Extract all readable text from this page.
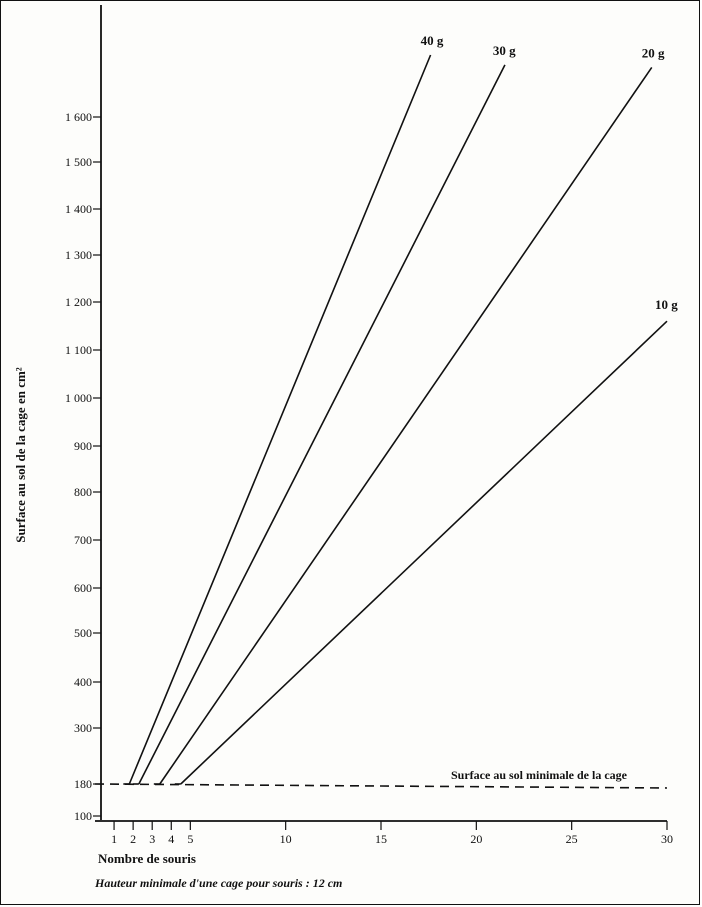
100
180
300
400
500
600
700
800
900
1 000
1 100
1 200
1 300
1 400
1 500
1 600
1 2 3 4 5	10	15	20	25	30
40 g
30 g	20 g
10 g
Surface au sol de la cage en cm²
Nombre de souris
Hauteur minimale d'une cage pour souris : 12 cm
Surface au sol minimale de la cage
